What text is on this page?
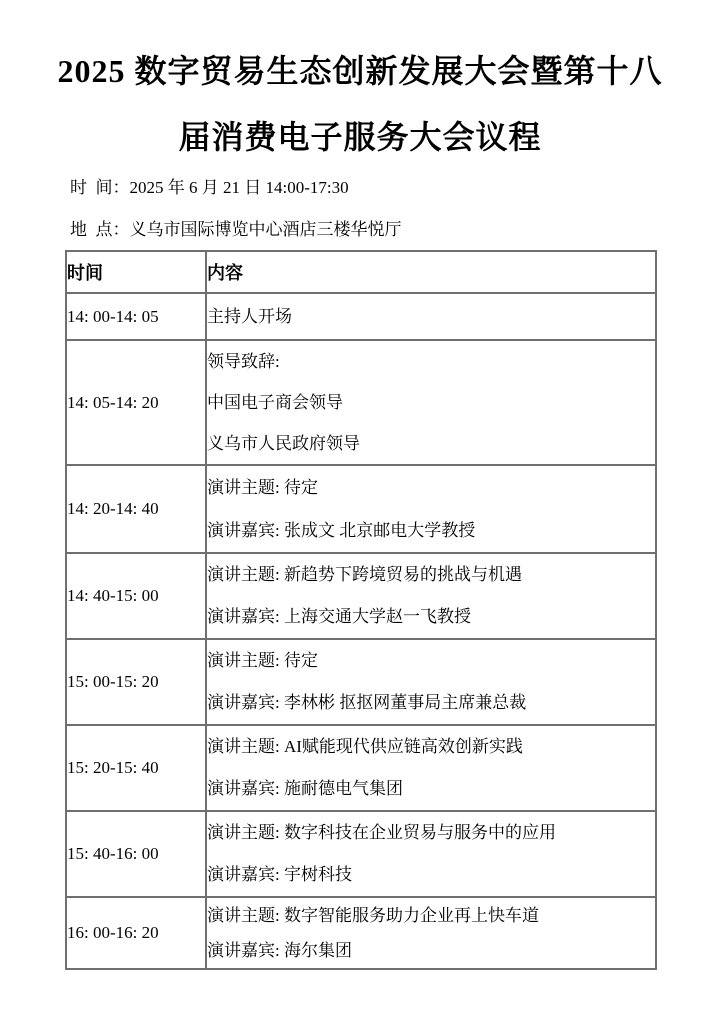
2025 数字贸易生态创新发展大会暨第十八
届消费电子服务大会议程

时  间：2025 年 6 月 21 日 14:00-17:30

地  点：义乌市国际博览中心酒店三楼华悦厅

时间	内容
14: 00-14: 05	主持人开场

14: 05-14: 20	领导致辞:
中国电子商会领导
义乌市人民政府领导

14: 20-14: 40	演讲主题: 待定
演讲嘉宾: 张成文 北京邮电大学教授

14: 40-15: 00	演讲主题: 新趋势下跨境贸易的挑战与机遇
演讲嘉宾: 上海交通大学赵一飞教授

15: 00-15: 20	演讲主题: 待定
演讲嘉宾: 李林彬 抠抠网董事局主席兼总裁

15: 20-15: 40	演讲主题: AI赋能现代供应链高效创新实践
演讲嘉宾: 施耐德电气集团

15: 40-16: 00	演讲主题: 数字科技在企业贸易与服务中的应用
演讲嘉宾: 宇树科技

16: 00-16: 20	演讲主题: 数字智能服务助力企业再上快车道
演讲嘉宾: 海尔集团
